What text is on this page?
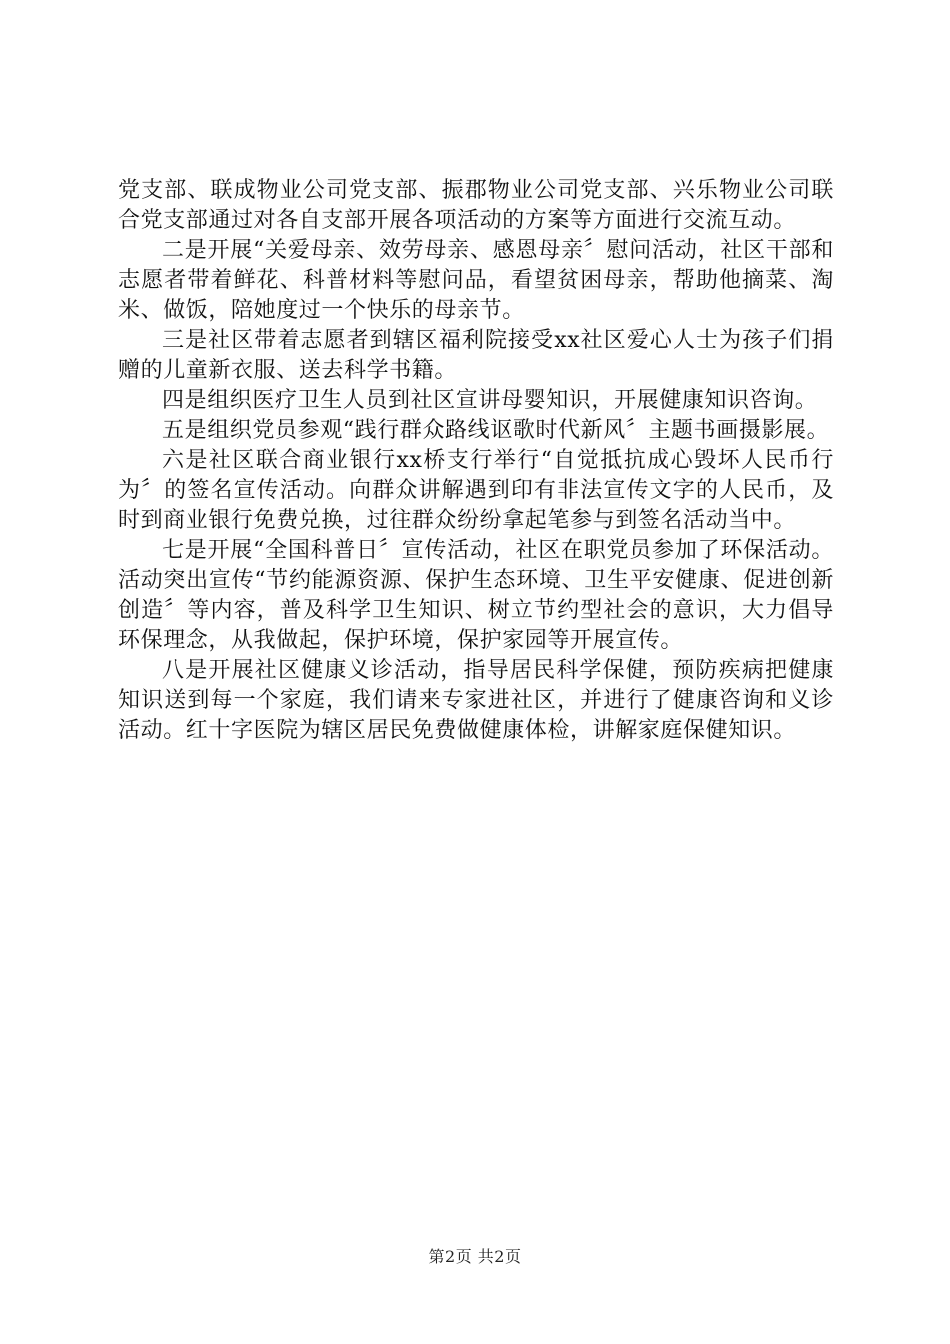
党支部、联成物业公司党支部、振郡物业公司党支部、兴乐物业公司联合党支部通过对各自支部开展各项活动的方案等方面进行交流互动。

二是开展“关爱母亲、效劳母亲、感恩母亲〞慰问活动，社区干部和志愿者带着鲜花、科普材料等慰问品，看望贫困母亲，帮助他摘菜、淘米、做饭，陪她度过一个快乐的母亲节。

三是社区带着志愿者到辖区福利院接受xx社区爱心人士为孩子们捐赠的儿童新衣服、送去科学书籍。

四是组织医疗卫生人员到社区宣讲母婴知识，开展健康知识咨询。

五是组织党员参观“践行群众路线讴歌时代新风〞主题书画摄影展。

六是社区联合商业银行xx桥支行举行“自觉抵抗成心毁坏人民币行为〞的签名宣传活动。向群众讲解遇到印有非法宣传文字的人民币，及时到商业银行免费兑换，过往群众纷纷拿起笔参与到签名活动当中。

七是开展“全国科普日〞宣传活动，社区在职党员参加了环保活动。活动突出宣传“节约能源资源、保护生态环境、卫生平安健康、促进创新创造〞等内容，普及科学卫生知识、树立节约型社会的意识，大力倡导环保理念，从我做起，保护环境，保护家园等开展宣传。

八是开展社区健康义诊活动，指导居民科学保健，预防疾病把健康知识送到每一个家庭，我们请来专家进社区，并进行了健康咨询和义诊活动。红十字医院为辖区居民免费做健康体检，讲解家庭保健知识。

第2页 共2页
